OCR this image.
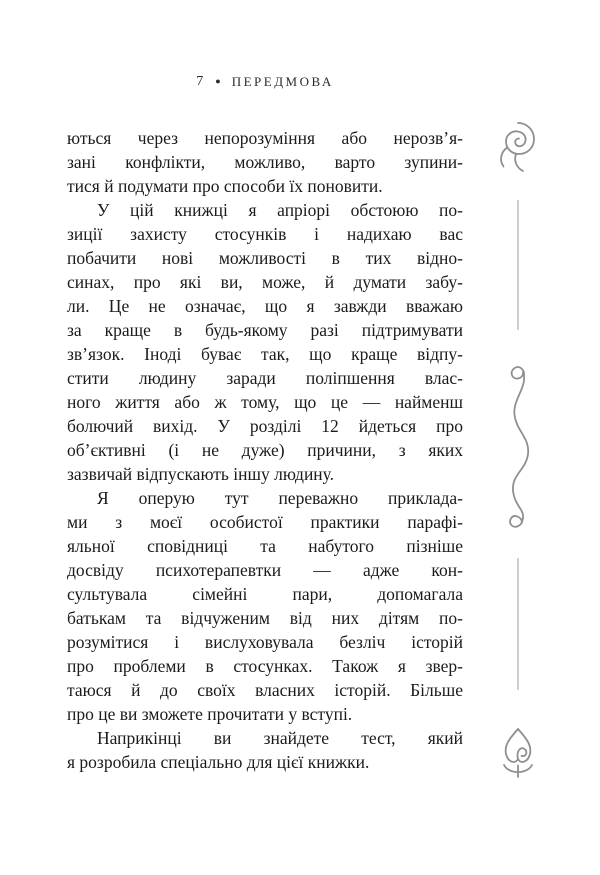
7 ● ПЕРЕДМОВА
ються через непорозуміння або нерозв’я-
зані конфлікти, можливо, варто зупини-
тися й подумати про способи їх поновити.
У цій книжці я апріорі обстоюю по-
зиції захисту стосунків і надихаю вас
побачити нові можливості в тих відно-
синах, про які ви, може, й думати забу-
ли. Це не означає, що я завжди вважаю
за краще в будь-якому разі підтримувати
зв’язок. Іноді буває так, що краще відпу-
стити людину заради поліпшення влас-
ного життя або ж тому, що це — найменш
болючий вихід. У розділі 12 йдеться про
об’єктивні (і не дуже) причини, з яких
зазвичай відпускають іншу людину.
Я оперую тут переважно приклада-
ми з моєї особистої практики парафі-
яльної сповідниці та набутого пізніше
досвіду психотерапевтки — адже кон-
сультувала сімейні пари, допомагала
батькам та відчуженим від них дітям по-
розумітися і вислуховувала безліч історій
про проблеми в стосунках. Також я звер-
таюся й до своїх власних історій. Більше
про це ви зможете прочитати у вступі.
Наприкінці ви знайдете тест, який
я розробила спеціально для цієї книжки.
